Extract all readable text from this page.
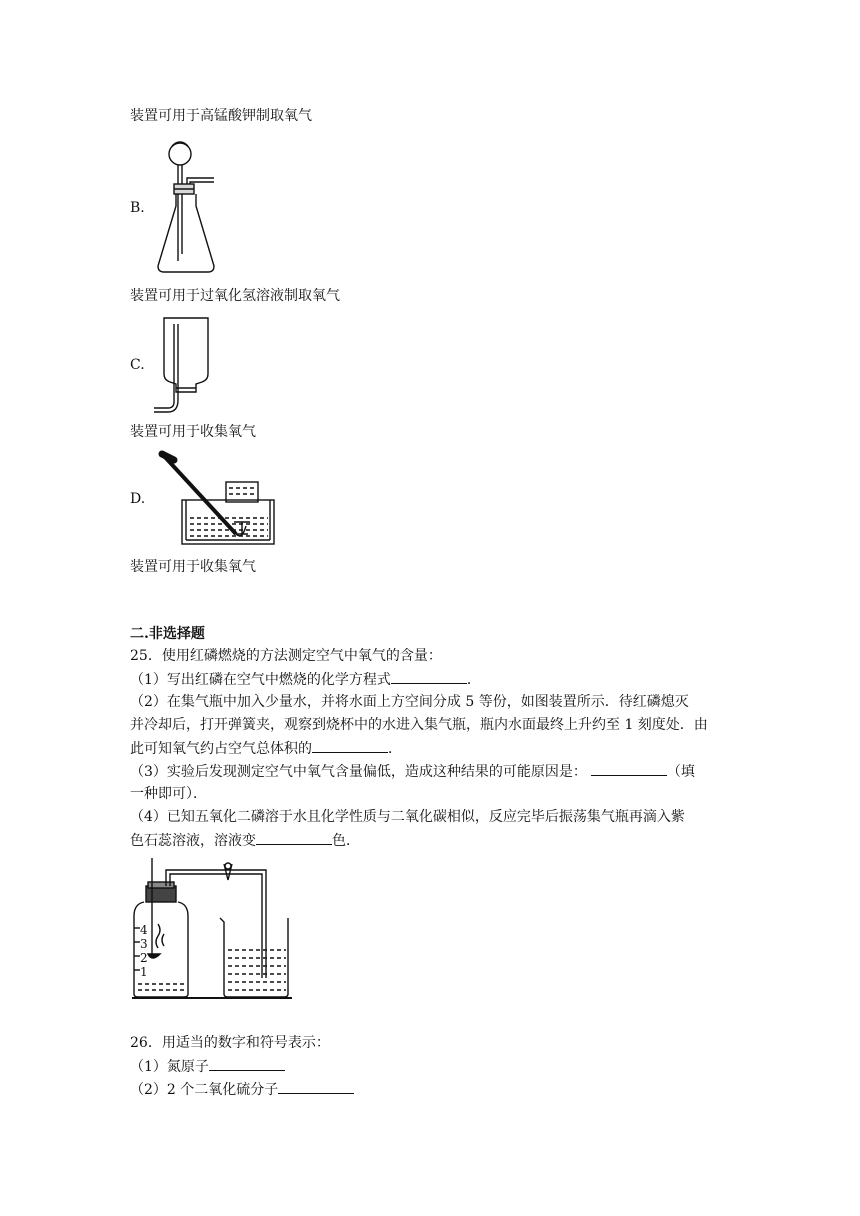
装置可用于高锰酸钾制取氧气
B.
装置可用于过氧化氢溶液制取氧气
C.
装置可用于收集氧气
D.
装置可用于收集氧气
二.非选择题
25．使用红磷燃烧的方法测定空气中氧气的含量：
（1）写出红磷在空气中燃烧的化学方程式	．
（2）在集气瓶中加入少量水，并将水面上方空间分成 5 等份，如图装置所示．待红磷熄灭
并冷却后，打开弹簧夹，观察到烧杯中的水进入集气瓶，瓶内水面最终上升约至 1 刻度处．由
此可知氧气约占空气总体积的	．
（3）实验后发现测定空气中氧气含量偏低，造成这种结果的可能原因是：	（填
一种即可）．
（4）已知五氧化二磷溶于水且化学性质与二氧化碳相似，反应完毕后振荡集气瓶再滴入紫
色石蕊溶液，溶液变	色．
4
3
2
1
26．用适当的数字和符号表示：
（1）氮原子
（2）2 个二氧化硫分子
